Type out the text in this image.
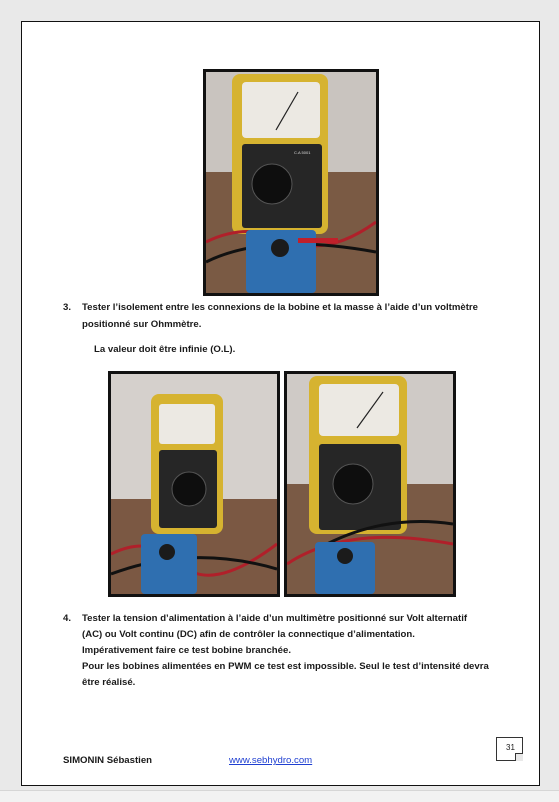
C.A 5001
3. Tester l’isolement entre les connexions de la bobine et la masse à l’aide d’un voltmètre
positionné sur Ohmmètre.
La valeur doit être infinie (O.L).
4. Tester la tension d’alimentation à l’aide d’un multimètre positionné sur Volt alternatif
(AC) ou Volt continu (DC) afin de contrôler la connectique d’alimentation.
Impérativement faire ce test bobine branchée.
Pour les bobines alimentées en PWM ce test est impossible. Seul le test d’intensité devra
être réalisé.
SIMONIN Sébastien	www.sebhydro.com
31
